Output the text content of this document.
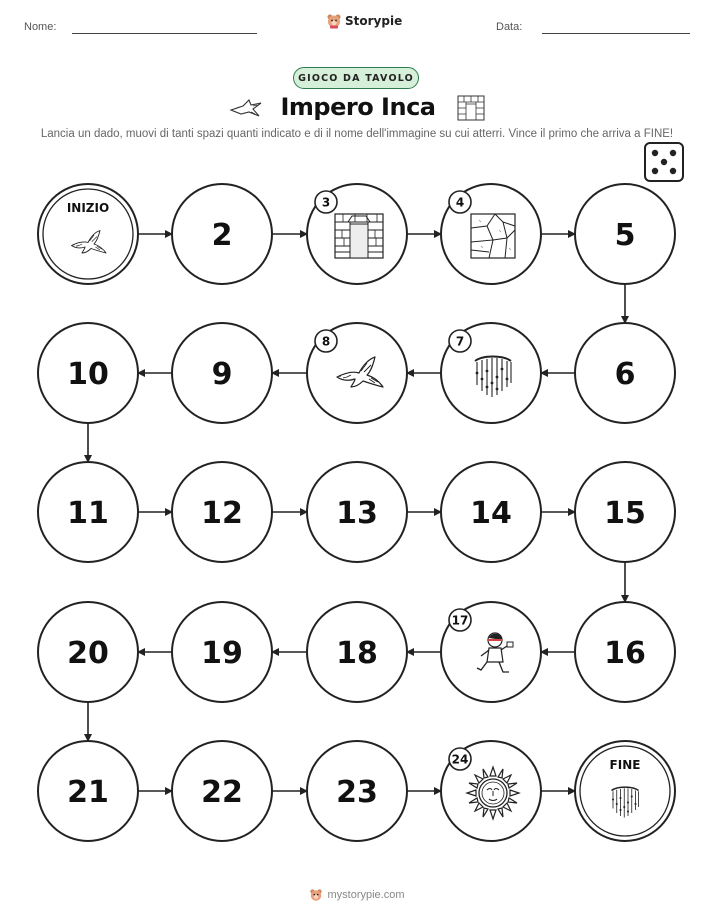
Nome:	Storypie	Data:
GIOCO DA TAVOLO
Impero Inca
Lancia un dado, muovi di tanti spazi quanti indicato e di il nome dell'immagine su cui atterri. Vince il primo che arriva a FINE!
INIZIO
2
3	4
5
6
7
8
9
10
11	12	13	14	15
16
17
18
19
20
21	22	23
24	FINE
mystorypie.com
